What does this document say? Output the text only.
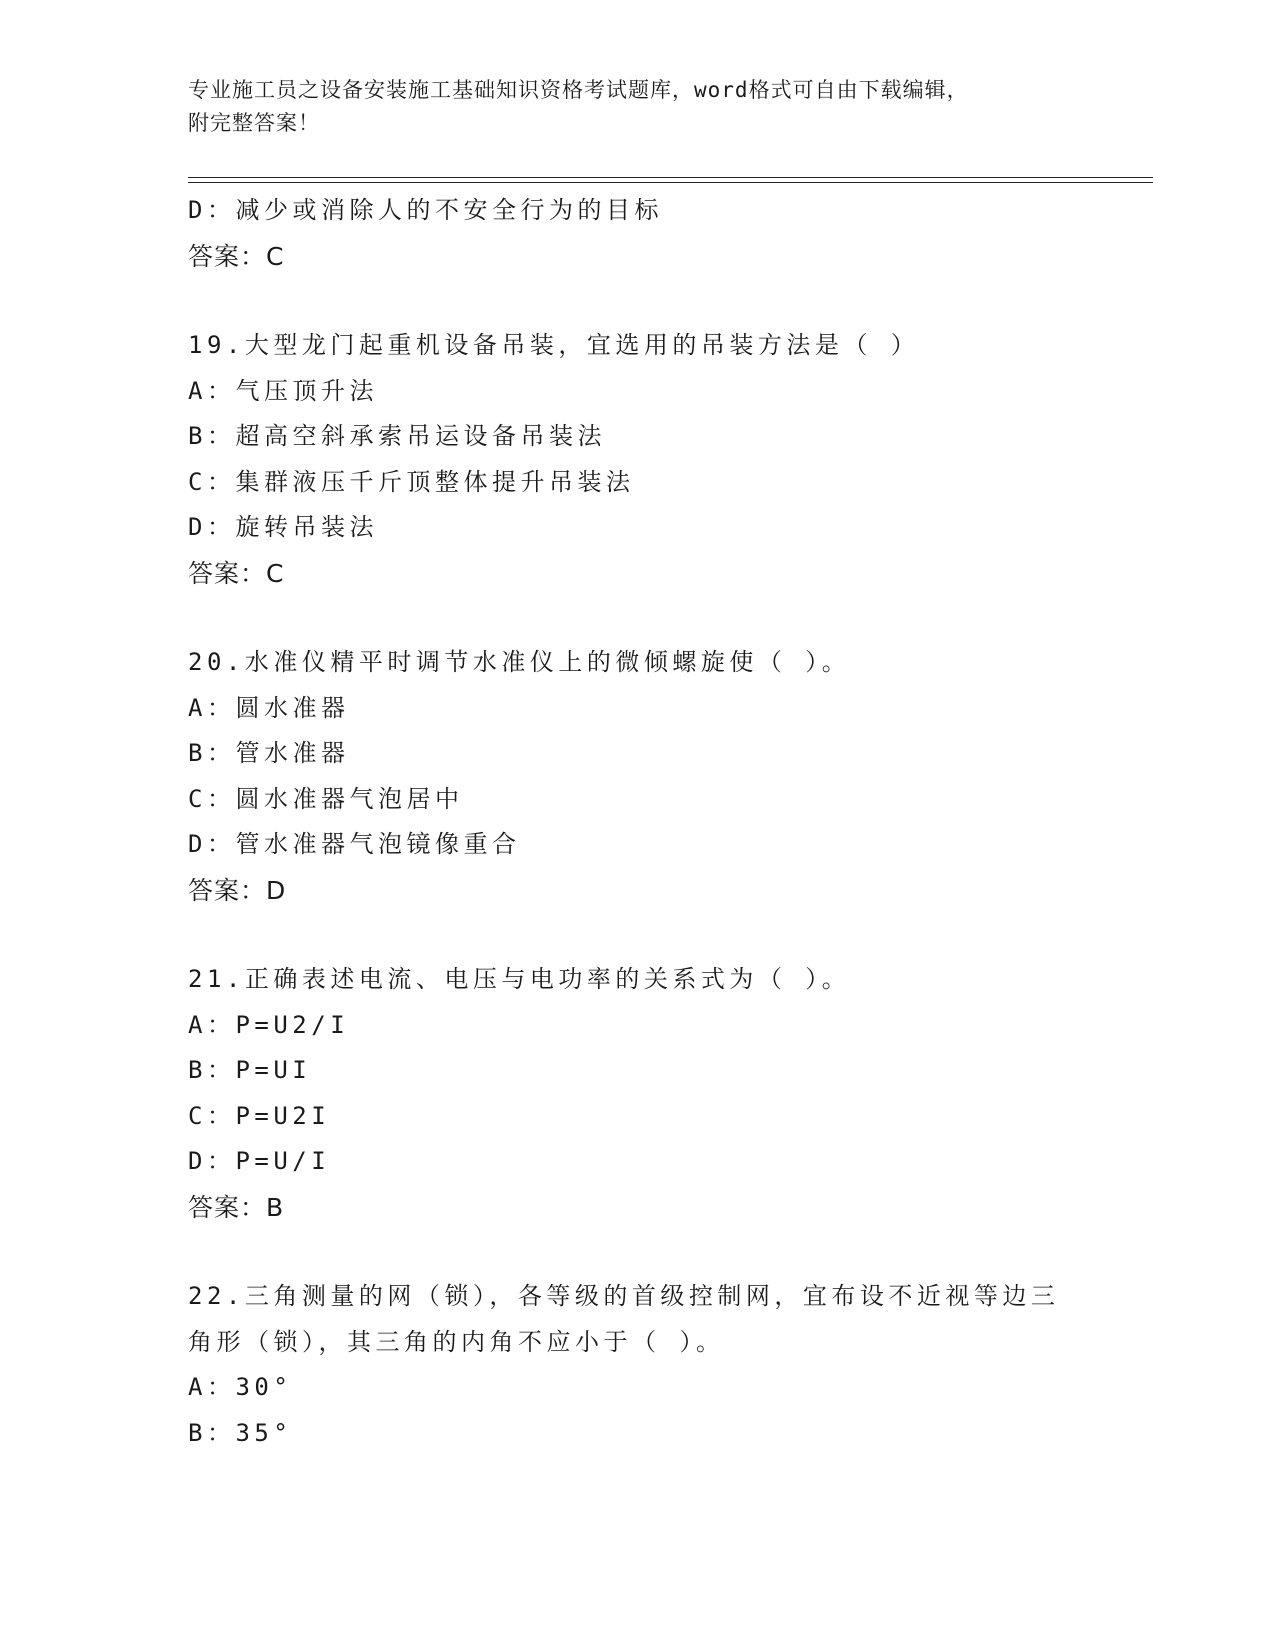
专业施工员之设备安装施工基础知识资格考试题库，word格式可自由下载编辑，
附完整答案！
D：减少或消除人的不安全行为的目标
答案：C
19.大型龙门起重机设备吊装，宜选用的吊装方法是（ ）
A：气压顶升法
B：超高空斜承索吊运设备吊装法
C：集群液压千斤顶整体提升吊装法
D：旋转吊装法
答案：C
20.水准仪精平时调节水准仪上的微倾螺旋使（ ）。
A：圆水准器
B：管水准器
C：圆水准器气泡居中
D：管水准器气泡镜像重合
答案：D
21.正确表述电流、电压与电功率的关系式为（ ）。
A：P=U2/I
B：P=UI
C：P=U2I
D：P=U/I
答案：B
22.三角测量的网（锁），各等级的首级控制网，宜布设不近视等边三
角形（锁），其三角的内角不应小于（ ）。
A：30°
B：35°
